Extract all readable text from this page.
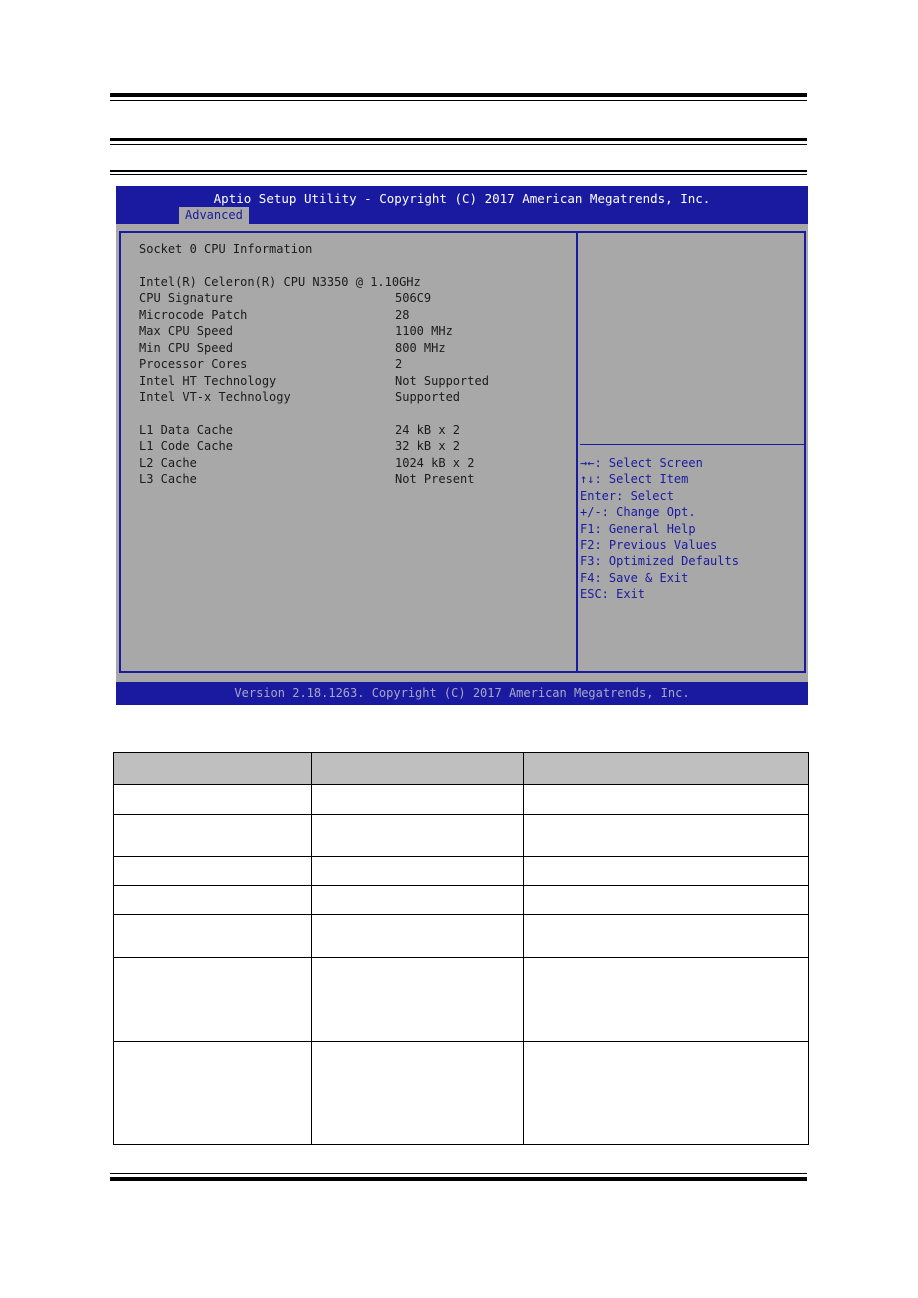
Aptio Setup Utility - Copyright (C) 2017 American Megatrends, Inc.
Advanced
Socket 0 CPU Information
Intel(R) Celeron(R) CPU N3350 @ 1.10GHz
CPU Signature	506C9
Microcode Patch	28
Max CPU Speed	1100 MHz
Min CPU Speed	800 MHz
Processor Cores	2
Intel HT Technology	Not Supported
Intel VT-x Technology	Supported
L1 Data Cache	24 kB x 2
L1 Code Cache	32 kB x 2
L2 Cache	1024 kB x 2
L3 Cache	Not Present
→←: Select Screen
↑↓: Select Item
Enter: Select
+/-: Change Opt.
F1: General Help
F2: Previous Values
F3: Optimized Defaults
F4: Save & Exit
ESC: Exit
Version 2.18.1263. Copyright (C) 2017 American Megatrends, Inc.
